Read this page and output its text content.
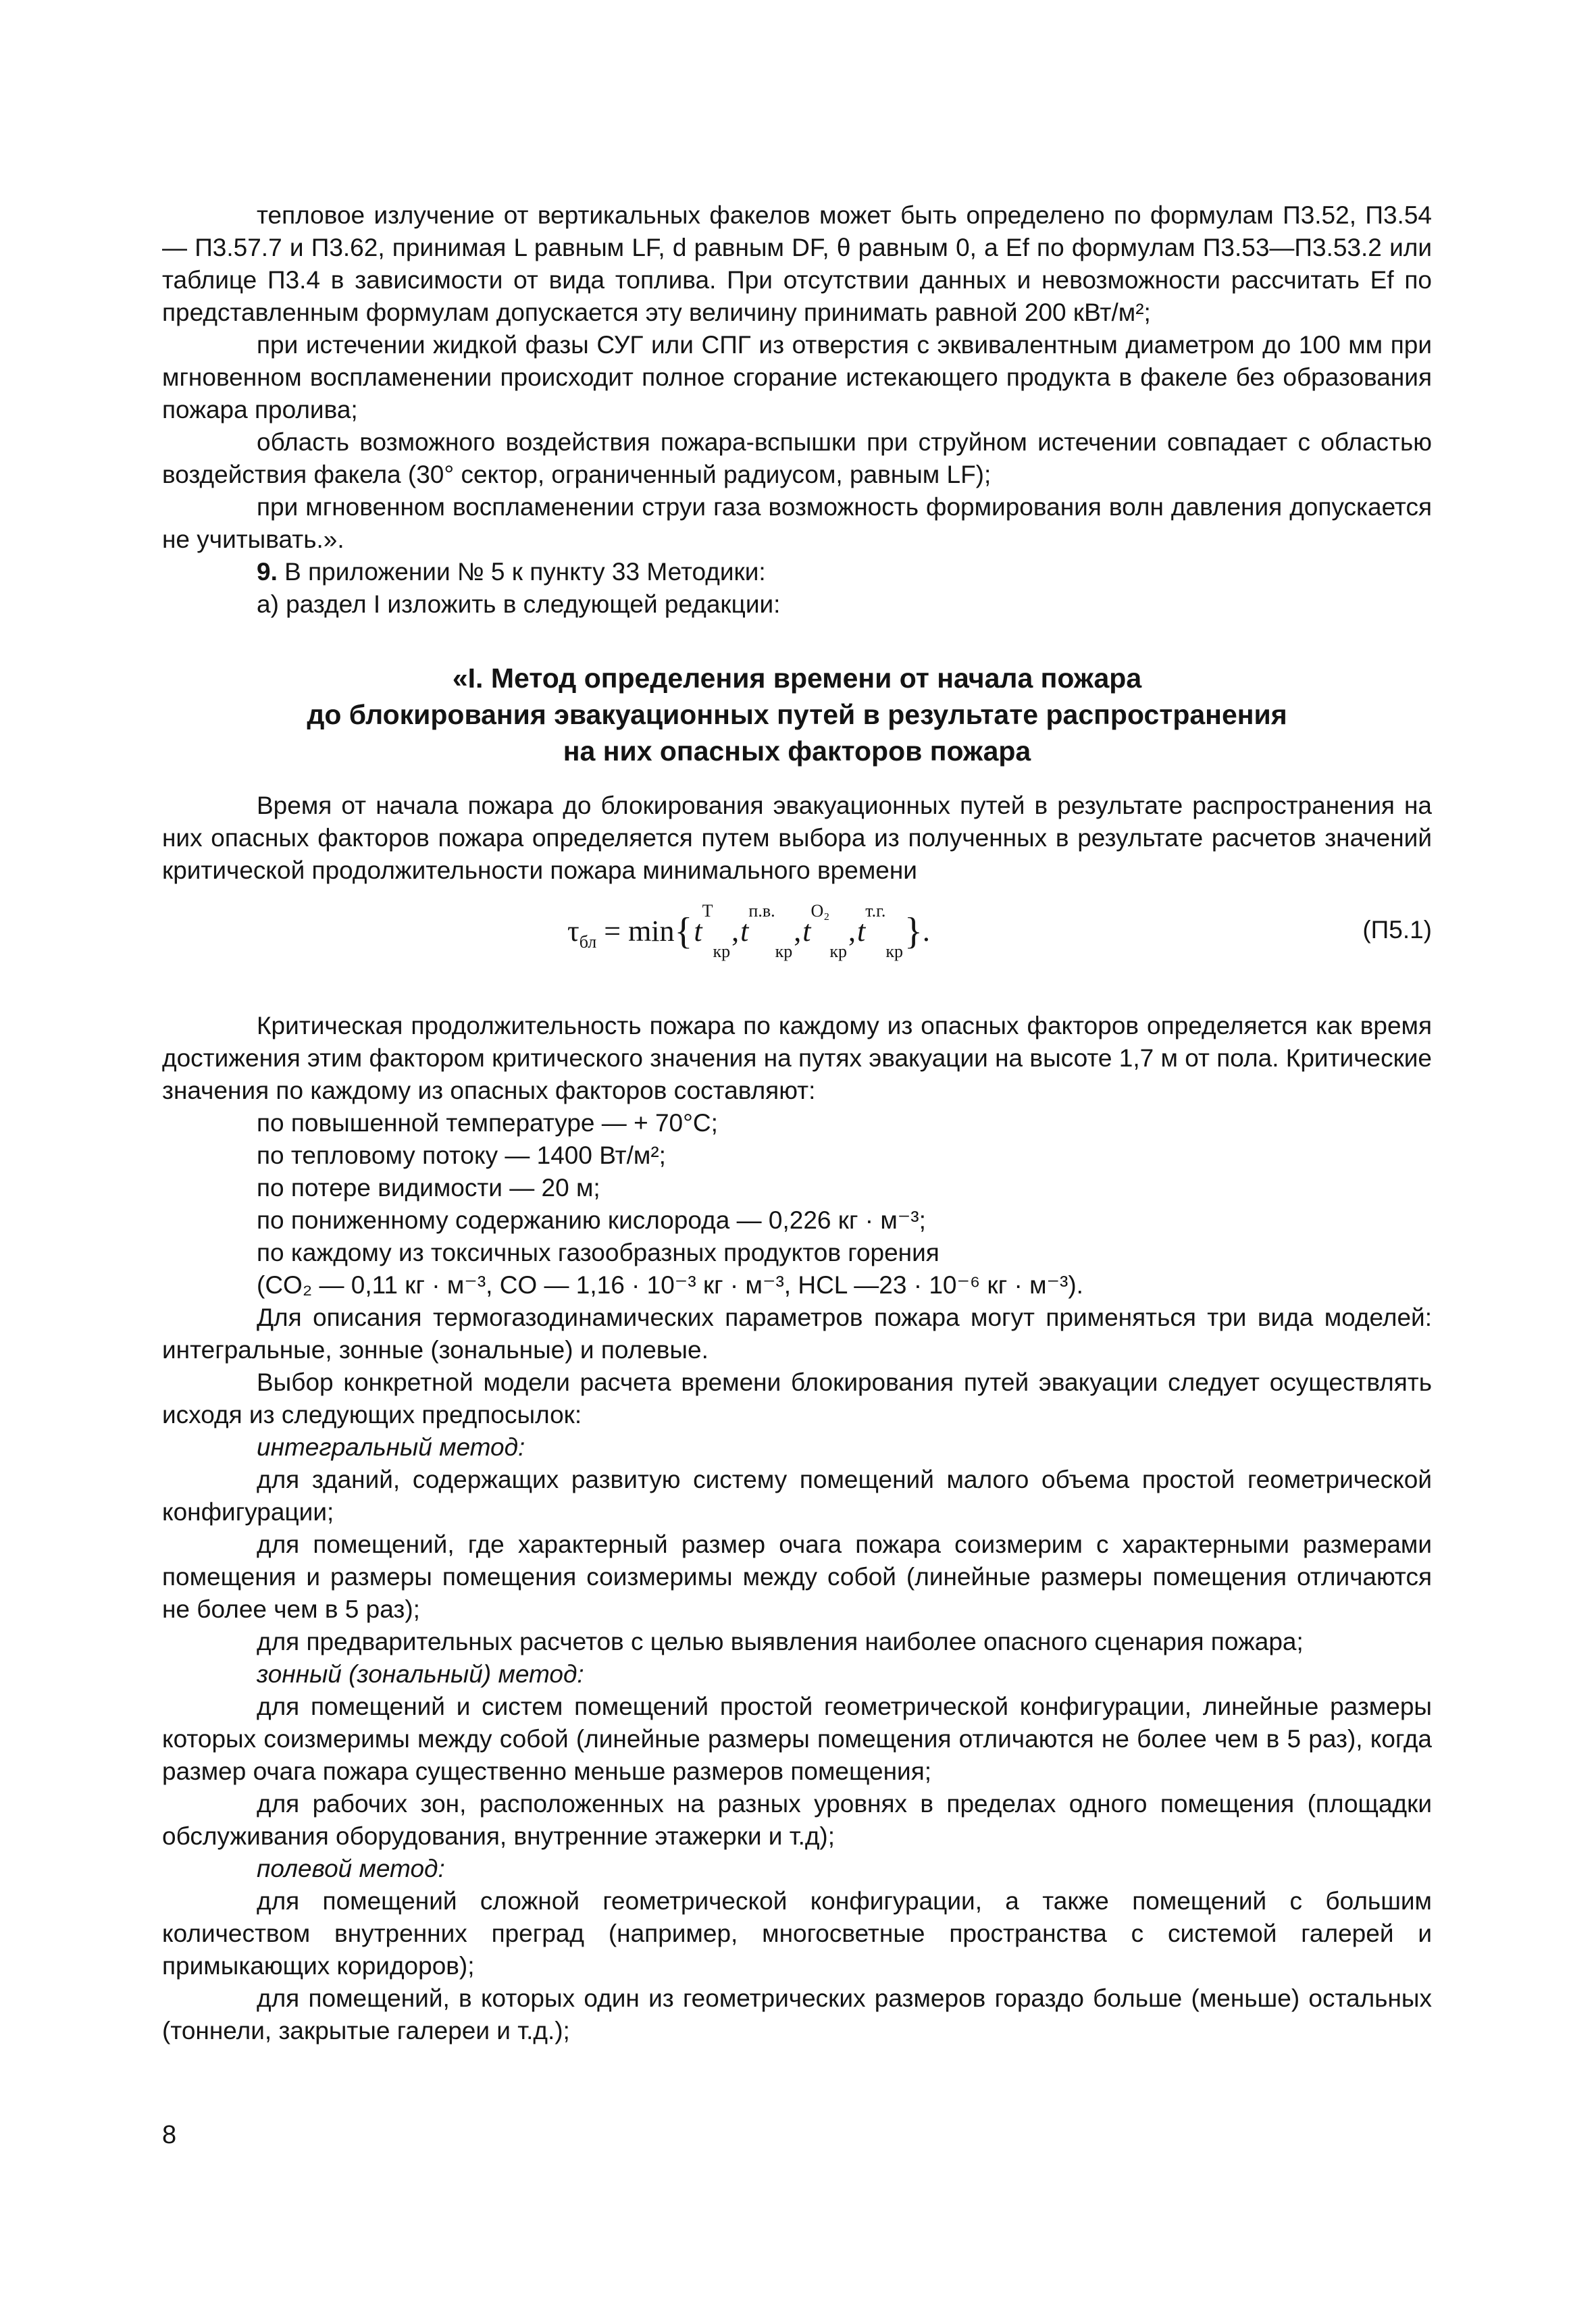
тепловое излучение от вертикальных факелов может быть определено по формулам П3.52, П3.54— П3.57.7 и П3.62, принимая L равным LF, d равным DF, θ равным 0, а Ef по формулам П3.53—П3.53.2 или таблице П3.4 в зависимости от вида топлива. При отсутствии данных и невозможности рассчитать Ef по представленным формулам допускается эту величину принимать равной 200 кВт/м²;

при истечении жидкой фазы СУГ или СПГ из отверстия с эквивалентным диаметром до 100 мм при мгновенном воспламенении происходит полное сгорание истекающего продукта в факеле без образования пожара пролива;

область возможного воздействия пожара-вспышки при струйном истечении совпадает с областью воздействия факела (30° сектор, ограниченный радиусом, равным LF);

при мгновенном воспламенении струи газа возможность формирования волн давления допускается не учитывать.».

9. В приложении № 5 к пункту 33 Методики:

а) раздел I изложить в следующей редакции:

«I. Метод определения времени от начала пожара
до блокирования эвакуационных путей в результате распространения
на них опасных факторов пожара

Время от начала пожара до блокирования эвакуационных путей в результате распространения на них опасных факторов пожара определяется путем выбора из полученных в результате расчетов значений критической продолжительности пожара минимального времени

$\tau_{бл} = \min\{t^T_{кр},t^{п.в.}_{кр},t^{O_2}_{кр},t^{т.г.}_{кр}\}$.	(П5.1)

Критическая продолжительность пожара по каждому из опасных факторов определяется как время достижения этим фактором критического значения на путях эвакуации на высоте 1,7 м от пола. Критические значения по каждому из опасных факторов составляют:

по повышенной температуре — + 70°С;

по тепловому потоку — 1400 Вт/м²;

по потере видимости — 20 м;

по пониженному содержанию кислорода — 0,226 кг · м⁻³;

по каждому из токсичных газообразных продуктов горения

(CO₂ — 0,11 кг · м⁻³, CO — 1,16 · 10⁻³ кг · м⁻³, HCL —23 · 10⁻⁶ кг · м⁻³).

Для описания термогазодинамических параметров пожара могут применяться три вида моделей: интегральные, зонные (зональные) и полевые.

Выбор конкретной модели расчета времени блокирования путей эвакуации следует осуществлять исходя из следующих предпосылок:

интегральный метод:

для зданий, содержащих развитую систему помещений малого объема простой геометрической конфигурации;

для помещений, где характерный размер очага пожара соизмерим с характерными размерами помещения и размеры помещения соизмеримы между собой (линейные размеры помещения отличаются не более чем в 5 раз);

для предварительных расчетов с целью выявления наиболее опасного сценария пожара;

зонный (зональный) метод:

для помещений и систем помещений простой геометрической конфигурации, линейные размеры которых соизмеримы между собой (линейные размеры помещения отличаются не более чем в 5 раз), когда размер очага пожара существенно меньше размеров помещения;

для рабочих зон, расположенных на разных уровнях в пределах одного помещения (площадки обслуживания оборудования, внутренние этажерки и т.д);

полевой метод:

для помещений сложной геометрической конфигурации, а также помещений с большим количеством внутренних преград (например, многосветные пространства с системой галерей и примыкающих коридоров);

для помещений, в которых один из геометрических размеров гораздо больше (меньше) остальных (тоннели, закрытые галереи и т.д.);

8
